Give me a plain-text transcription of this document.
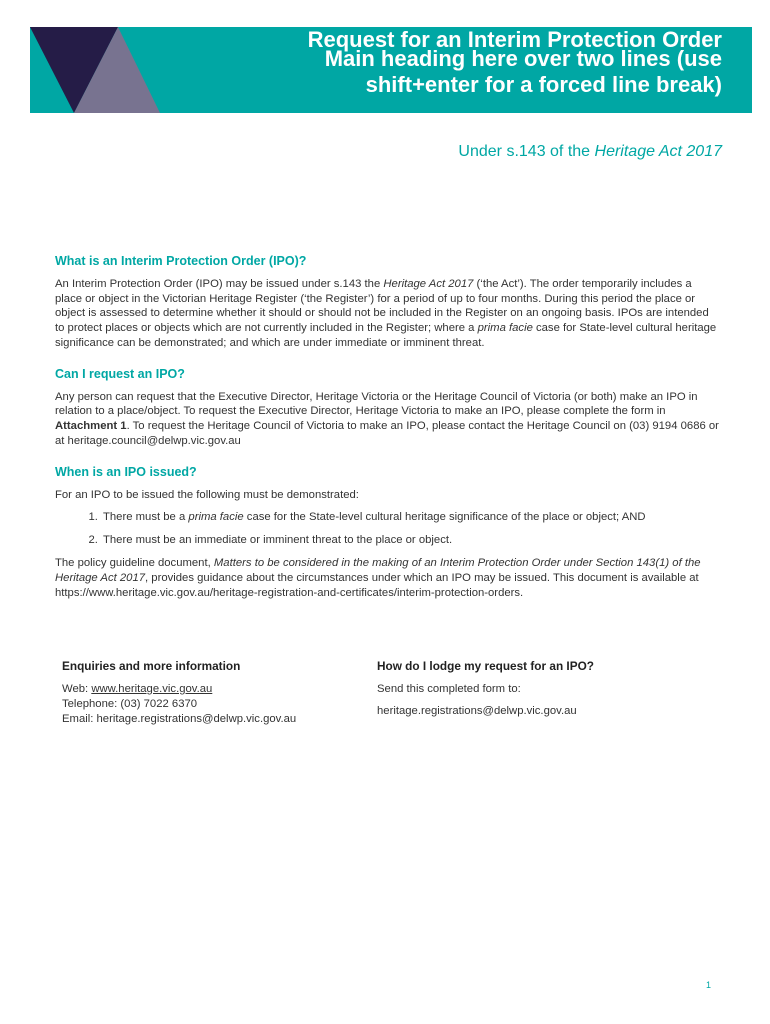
Request for an Interim Protection Order
Main heading here over two lines (use
shift+enter for a forced line break)
Under s.143 of the Heritage Act 2017
What is an Interim Protection Order (IPO)?

An Interim Protection Order (IPO) may be issued under s.143 the Heritage Act 2017 (‘the Act’). The order temporarily includes a place or object in the Victorian Heritage Register (‘the Register’) for a period of up to four months. During this period the place or object is assessed to determine whether it should or should not be included in the Register on an ongoing basis. IPOs are intended to protect places or objects which are not currently included in the Register; where a prima facie case for State-level cultural heritage significance can be demonstrated; and which are under immediate or imminent threat.

Can I request an IPO?

Any person can request that the Executive Director, Heritage Victoria or the Heritage Council of Victoria (or both) make an IPO in relation to a place/object. To request the Executive Director, Heritage Victoria to make an IPO, please complete the form in Attachment 1. To request the Heritage Council of Victoria to make an IPO, please contact the Heritage Council on (03) 9194 0686 or at heritage.council@delwp.vic.gov.au

When is an IPO issued?

For an IPO to be issued the following must be demonstrated:

1. There must be a prima facie case for the State-level cultural heritage significance of the place or object; AND
2. There must be an immediate or imminent threat to the place or object.

The policy guideline document, Matters to be considered in the making of an Interim Protection Order under Section 143(1) of the Heritage Act 2017, provides guidance about the circumstances under which an IPO may be issued. This document is available at https://www.heritage.vic.gov.au/heritage-registration-and-certificates/interim-protection-orders.

Enquiries and more information

Web: www.heritage.vic.gov.au

Telephone: (03) 7022 6370

Email: heritage.registrations@delwp.vic.gov.au

How do I lodge my request for an IPO?

Send this completed form to:

heritage.registrations@delwp.vic.gov.au

1
